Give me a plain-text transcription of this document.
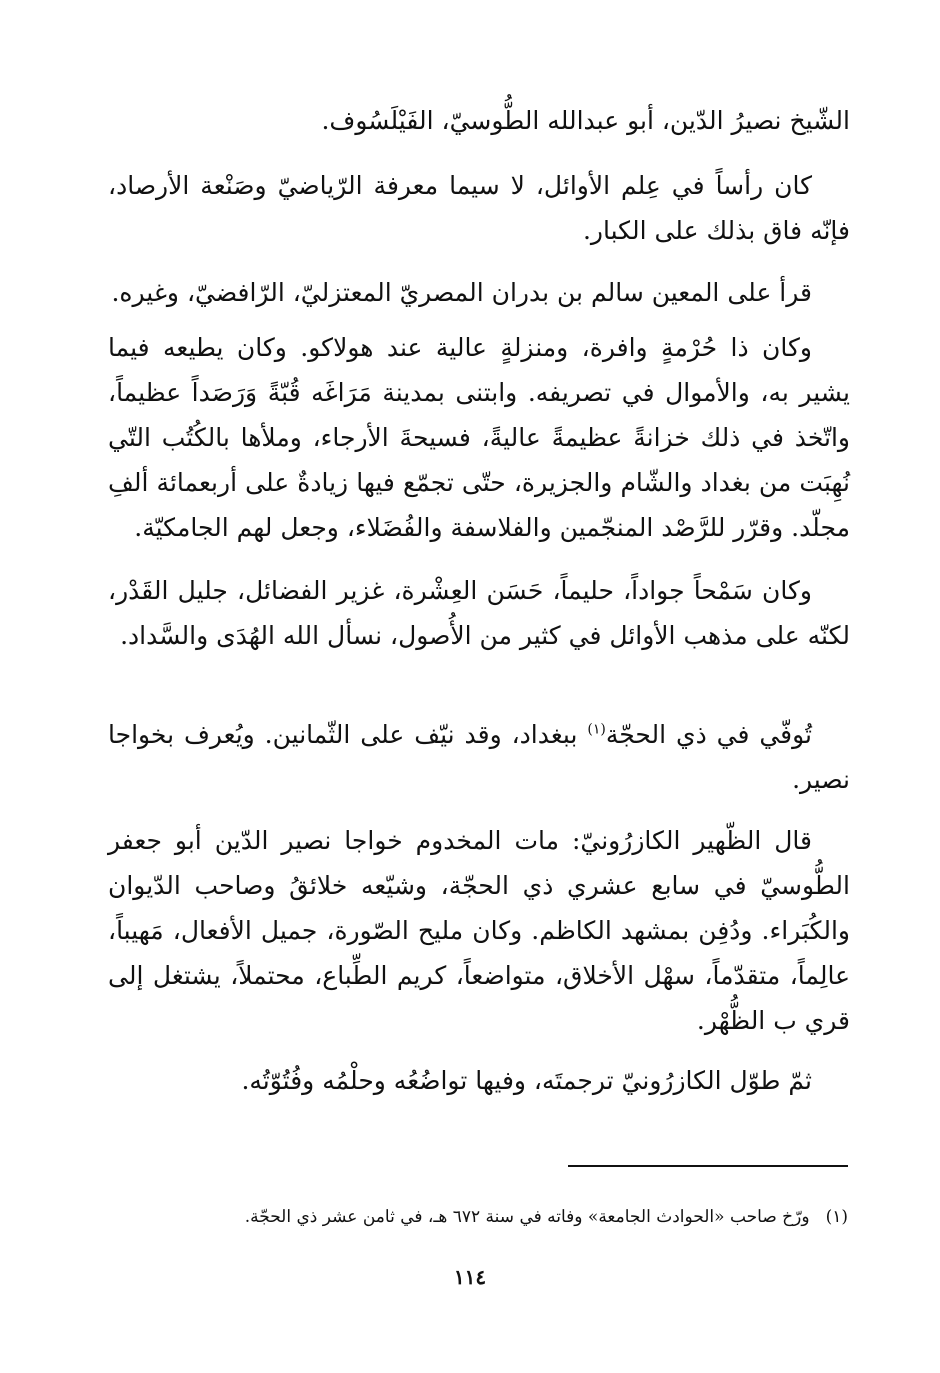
الشّيخ نصيرُ الدّين، أبو عبدالله الطُّوسيّ، الفَيْلَسُوف.

كان رأساً في عِلم الأوائل، لا سيما معرفة الرّياضيّ وصَنْعة الأرصاد، فإنّه فاق بذلك على الكبار.

قرأ على المعين سالم بن بدران المصريّ المعتزليّ، الرّافضيّ، وغيره.

وكان ذا حُرْمةٍ وافرة، ومنزلةٍ عالية عند هولاكو. وكان يطيعه فيما يشير به، والأموال في تصريفه. وابتنى بمدينة مَرَاغَه قُبّةً وَرَصَداً عظيماً، واتّخذ في ذلك خزانةً عظيمةً عاليةً، فسيحةَ الأرجاء، وملأها بالكُتُب التّي نُهِبَت من بغداد والشّام والجزيرة، حتّى تجمّع فيها زيادةٌ على أربعمائة ألفِ مجلّد. وقرّر للرَّصْد المنجّمين والفلاسفة والفُضَلاء، وجعل لهم الجامكيّة.

وكان سَمْحاً جواداً، حليماً، حَسَن العِشْرة، غزير الفضائل، جليل القَدْر، لكنّه على مذهب الأوائل في كثير من الأُصول، نسأل الله الهُدَى والسَّداد.

تُوفّي في ذي الحجّة$^{(١)}$ ببغداد، وقد نيّف على الثّمانين. ويُعرف بخواجا نصير.

قال الظّهير الكازرُونيّ: مات المخدوم خواجا نصير الدّين أبو جعفر الطُّوسيّ في سابع عشري ذي الحجّة، وشيّعه خلائقُ وصاحب الدّيوان والكُبَراء. ودُفِن بمشهد الكاظم. وكان مليح الصّورة، جميل الأفعال، مَهيباً، عالِماً، متقدّماً، سهْل الأخلاق، متواضعاً، كريم الطِّباع، محتملاً، يشتغل إلى قري ب الظُّهْر.

ثمّ طوّل الكازرُونيّ ترجمتَه، وفيها تواضُعُه وحلْمُه وفُتُوّتُه.

(١)ورّخ صاحب «الحوادث الجامعة» وفاته في سنة ٦٧٢ هـ، في ثامن عشر ذي الحجّة.

١١٤
